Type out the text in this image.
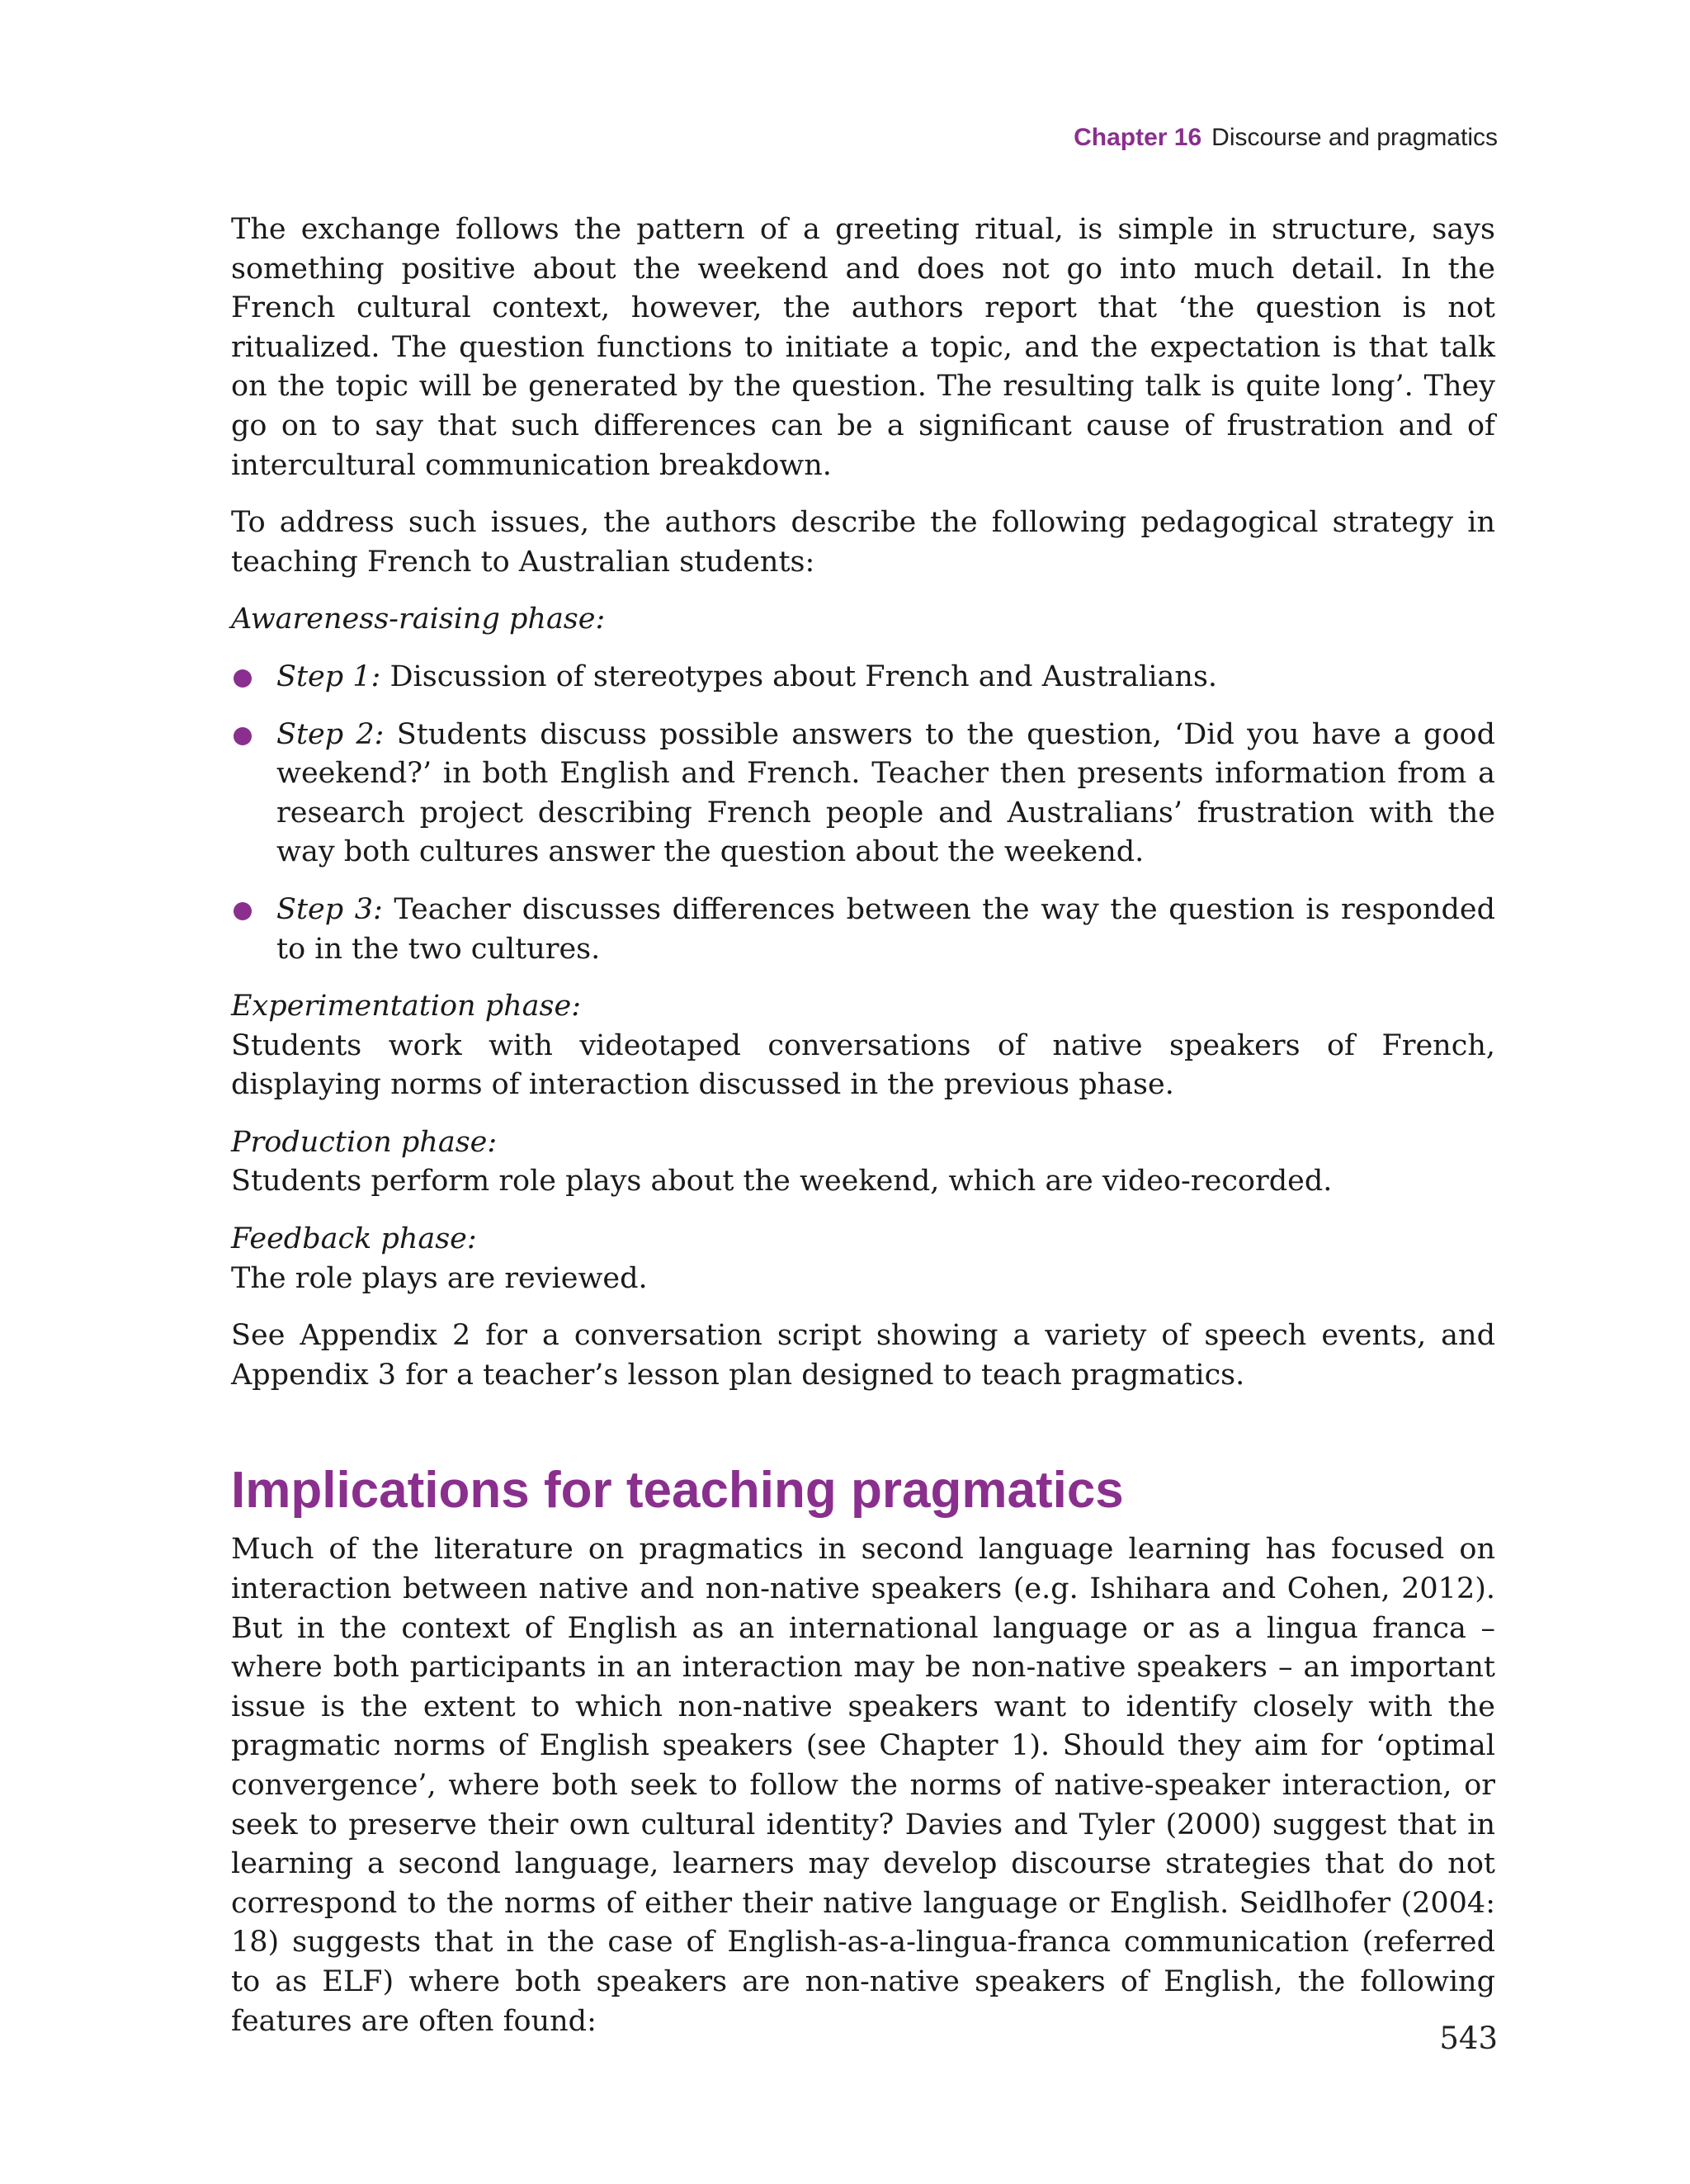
Chapter 16 Discourse and pragmatics

The exchange follows the pattern of a greeting ritual, is simple in structure, says something positive about the weekend and does not go into much detail. In the French cultural context, however, the authors report that ‘the question is not ritualized. The question functions to initiate a topic, and the expectation is that talk on the topic will be generated by the question. The resulting talk is quite long’. They go on to say that such differences can be a significant cause of frustration and of intercultural communication breakdown.

To address such issues, the authors describe the following pedagogical strategy in teaching French to Australian students:

Awareness-raising phase:

Step 1: Discussion of stereotypes about French and Australians.
Step 2: Students discuss possible answers to the question, ‘Did you have a good weekend?’ in both English and French. Teacher then presents information from a research project describing French people and Australians’ frustration with the way both cultures answer the question about the weekend.
Step 3: Teacher discusses differences between the way the question is responded to in the two cultures.

Experimentation phase:

Students work with videotaped conversations of native speakers of French, displaying norms of interaction discussed in the previous phase.

Production phase:

Students perform role plays about the weekend, which are video-recorded.

Feedback phase:

The role plays are reviewed.

See Appendix 2 for a conversation script showing a variety of speech events, and Appendix 3 for a teacher’s lesson plan designed to teach pragmatics.

Implications for teaching pragmatics

Much of the literature on pragmatics in second language learning has focused on interaction between native and non-native speakers (e.g. Ishihara and Cohen, 2012). But in the context of English as an international language or as a lingua franca – where both participants in an interaction may be non-native speakers – an important issue is the extent to which non-native speakers want to identify closely with the pragmatic norms of English speakers (see Chapter 1). Should they aim for ‘optimal convergence’, where both seek to follow the norms of native-speaker interaction, or seek to preserve their own cultural identity? Davies and Tyler (2000) suggest that in learning a second language, learners may develop discourse strategies that do not correspond to the norms of either their native language or English. Seidlhofer (2004: 18) suggests that in the case of English-as-a-lingua-franca communication (referred to as ELF) where both speakers are non-native speakers of English, the following features are often found:	543
